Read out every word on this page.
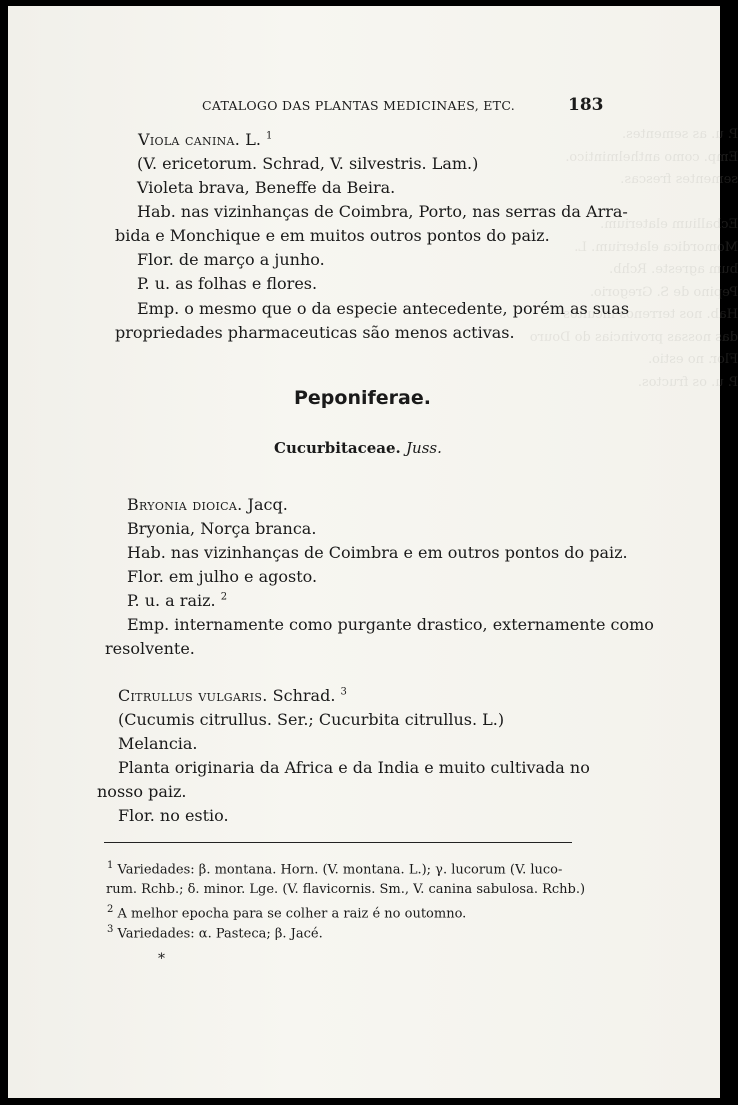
P. u. as sementes.
Emp. como anthelmintico.
sementes frescas.

Ecballium elaterium.
Momordica elaterium. L.
bum agreste. Rchb.
Pepino de S. Gregorio.
Hab. nos terrenos incultos
das nossas provincias do Douro
Flor. no estio.
P. u. os fructos.
CATALOGO DAS PLANTAS MEDICINAES, ETC.	183
Viola canina. L. $^1$
(V. ericetorum. Schrad, V. silvestris. Lam.)
Violeta brava, Beneffe da Beira.
Hab. nas vizinhanças de Coimbra, Porto, nas serras da Arra-
bida e Monchique e em muitos outros pontos do paiz.
Flor. de março a junho.
P. u. as folhas e flores.
Emp. o mesmo que o da especie antecedente, porém as suas
propriedades pharmaceuticas são menos activas.
Peponiferae.
Cucurbitaceae. Juss.
Bryonia dioica. Jacq.
Bryonia, Norça branca.
Hab. nas vizinhanças de Coimbra e em outros pontos do paiz.
Flor. em julho e agosto.
P. u. a raiz. $^2$
Emp. internamente como purgante drastico, externamente como
resolvente.
Citrullus vulgaris. Schrad. $^3$
(Cucumis citrullus. Ser.; Cucurbita citrullus. L.)
Melancia.
Planta originaria da Africa e da India e muito cultivada no
nosso paiz.
Flor. no estio.
$^1$ Variedades: β. montana. Horn. (V. montana. L.); γ. lucorum (V. luco-
rum. Rchb.; δ. minor. Lge. (V. flavicornis. Sm., V. canina sabulosa. Rchb.)
$^2$ A melhor epocha para se colher a raiz é no outomno.
$^3$ Variedades: α. Pasteca; β. Jacé.
*
